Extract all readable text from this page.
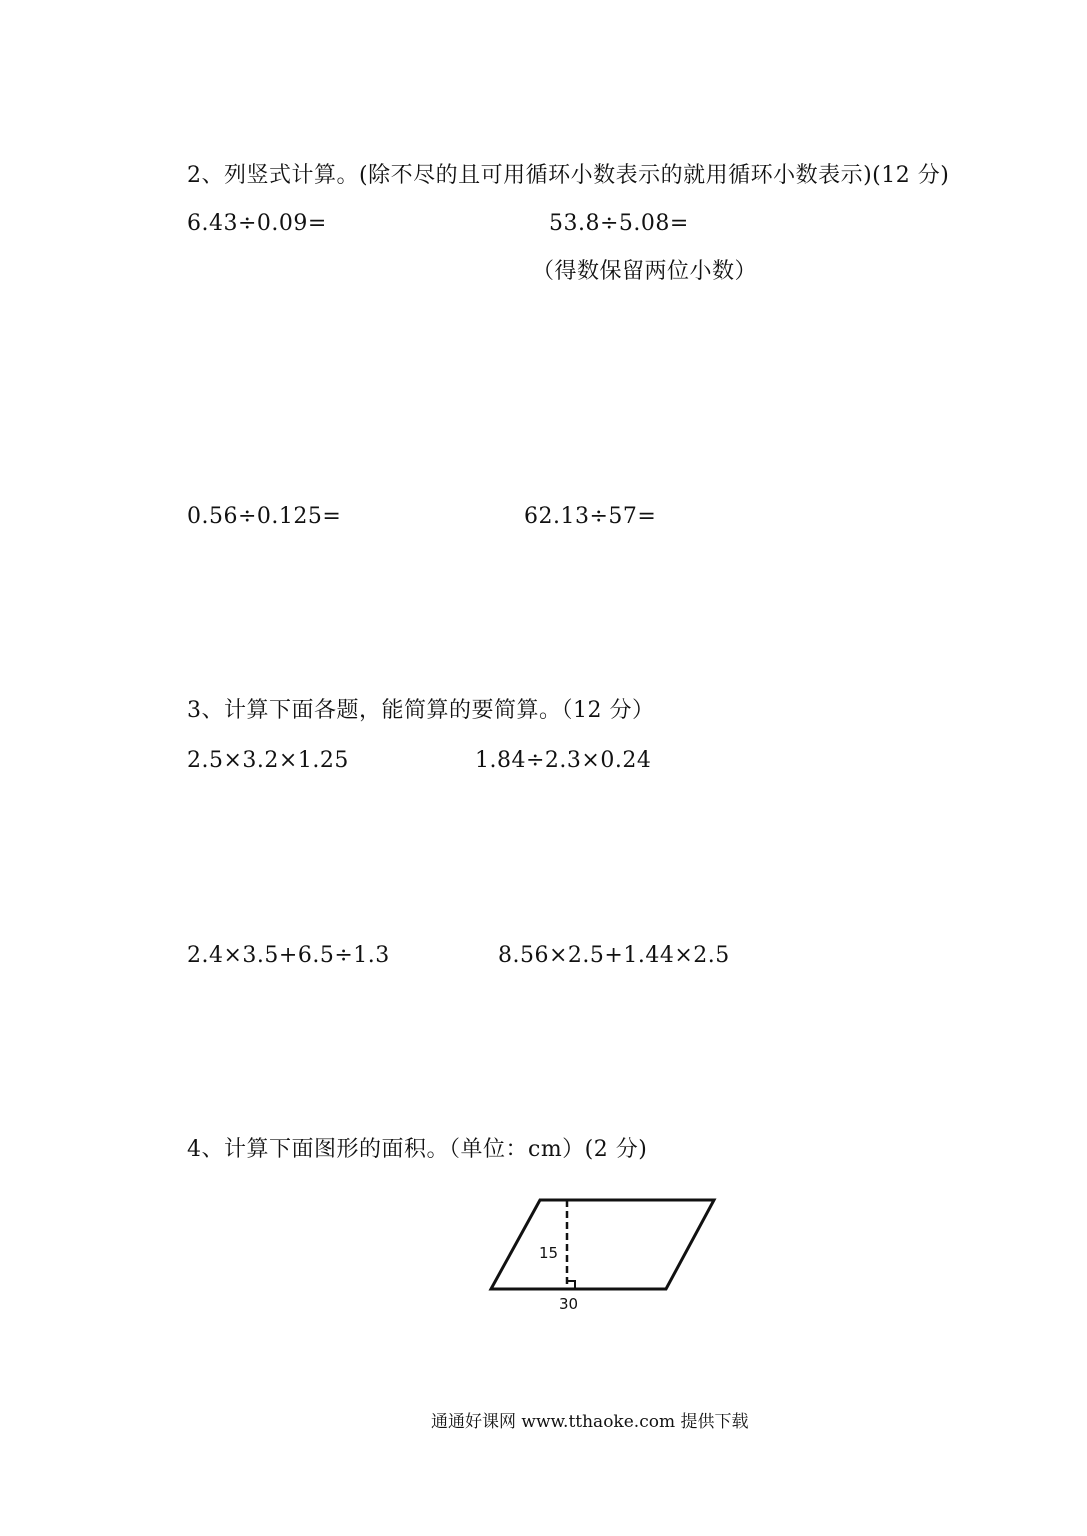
2、列竖式计算。(除不尽的且可用循环小数表示的就用循环小数表示)(12 分)
6.43÷0.09=	53.8÷5.08=
（得数保留两位小数）
0.56÷0.125=	62.13÷57=
3、计算下面各题，能简算的要简算。（12 分）
2.5×3.2×1.25	1.84÷2.3×0.24
2.4×3.5+6.5÷1.3	8.56×2.5+1.44×2.5
4、计算下面图形的面积。（单位：cm）(2 分)
15
30
通通好课网 www.tthaoke.com 提供下载
